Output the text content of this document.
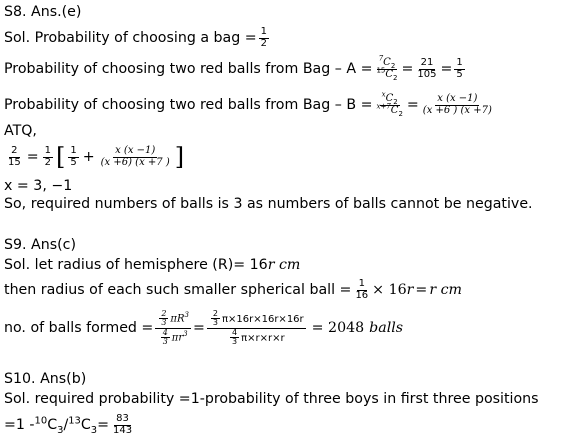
S8. Ans.(e)
Sol. Probability of choosing a bag = $\frac{1}{2}$
Probability of choosing two red balls from Bag – $A = \frac{^7C_2}{^{15}C_2} = \frac{21}{105} = \frac{1}{5}$
Probability of choosing two red balls from Bag – $B = \frac{^xC_2}{^{x+7}C_2} = \frac{x (x -1)}{(x +6 ) (x +7)}$
ATQ,
$\frac{2}{15} = \frac{1}{2}$ [ $\frac{1}{5} + \frac{x (x -1)}{(x +6) (x +7 )}$ ]
x = 3, −1
So, required numbers of balls is 3 as numbers of balls cannot be negative.
S9. Ans(c)
Sol. let radius of hemisphere (R)= 16 r cm
then radius of each such smaller spherical ball = $\frac{1}{16} \times 16$ r = r cm
no. of balls formed = $\frac{\frac{2}{3} \pi R^3}{\frac{4}{3} \pi r^3} = \frac{\frac{2}{3} \pi\times 16r\times 16r\times 16r}{\frac{4}{3} \pi\times r\times r\times r} = 2048$ balls
S10. Ans(b)
Sol. required probability =1-probability of three boys in first three positions
$=1 - ^{10}C_3 / ^{13}C_3 = \frac{83}{143}$
